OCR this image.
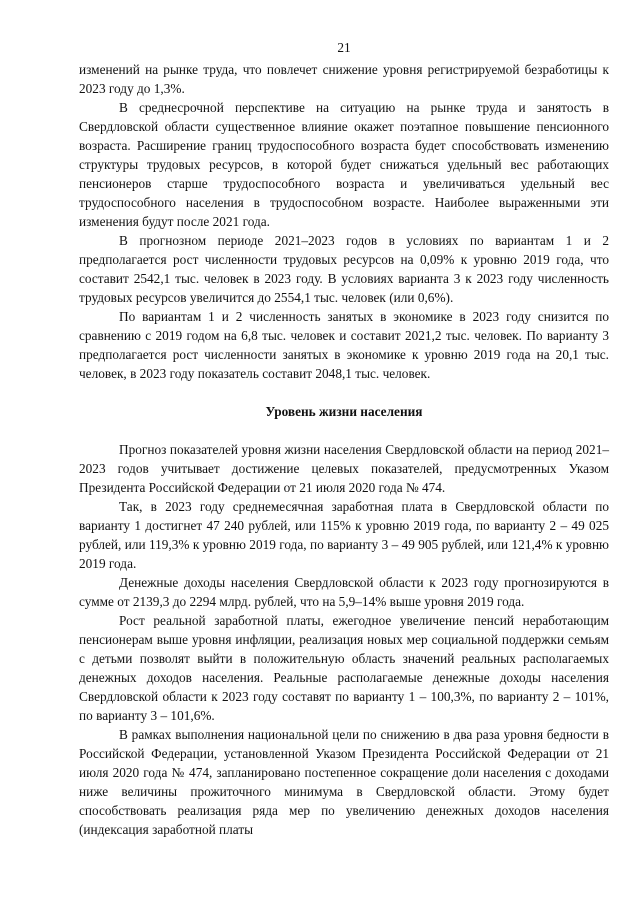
21

изменений на рынке труда, что повлечет снижение уровня регистрируемой безработицы к 2023 году до 1,3%.

В среднесрочной перспективе на ситуацию на рынке труда и занятость в Свердловской области существенное влияние окажет поэтапное повышение пенсионного возраста. Расширение границ трудоспособного возраста будет способствовать изменению структуры трудовых ресурсов, в которой будет снижаться удельный вес работающих пенсионеров старше трудоспособного возраста и увеличиваться удельный вес трудоспособного населения в трудоспособном возрасте. Наиболее выраженными эти изменения будут после 2021 года.

В прогнозном периоде 2021–2023 годов в условиях по вариантам 1 и 2 предполагается рост численности трудовых ресурсов на 0,09% к уровню 2019 года, что составит 2542,1 тыс. человек в 2023 году. В условиях варианта 3 к 2023 году численность трудовых ресурсов увеличится до 2554,1 тыс. человек (или 0,6%).

По вариантам 1 и 2 численность занятых в экономике в 2023 году снизится по сравнению с 2019 годом на 6,8 тыс. человек и составит 2021,2 тыс. человек. По варианту 3 предполагается рост численности занятых в экономике к уровню 2019 года на 20,1 тыс. человек, в 2023 году показатель составит 2048,1 тыс. человек.

Уровень жизни населения

Прогноз показателей уровня жизни населения Свердловской области на период 2021–2023 годов учитывает достижение целевых показателей, предусмотренных Указом Президента Российской Федерации от 21 июля 2020 года № 474.

Так, в 2023 году среднемесячная заработная плата в Свердловской области по варианту 1 достигнет 47 240 рублей, или 115% к уровню 2019 года, по варианту 2 – 49 025 рублей, или 119,3% к уровню 2019 года, по варианту 3 – 49 905 рублей, или 121,4% к уровню 2019 года.

Денежные доходы населения Свердловской области к 2023 году прогнозируются в сумме от 2139,3 до 2294 млрд. рублей, что на 5,9–14% выше уровня 2019 года.

Рост реальной заработной платы, ежегодное увеличение пенсий неработающим пенсионерам выше уровня инфляции, реализация новых мер социальной поддержки семьям с детьми позволят выйти в положительную область значений реальных располагаемых денежных доходов населения. Реальные располагаемые денежные доходы населения Свердловской области к 2023 году составят по варианту 1 – 100,3%, по варианту 2 – 101%, по варианту 3 – 101,6%.

В рамках выполнения национальной цели по снижению в два раза уровня бедности в Российской Федерации, установленной Указом Президента Российской Федерации от 21 июля 2020 года № 474, запланировано постепенное сокращение доли населения с доходами ниже величины прожиточного минимума в Свердловской области. Этому будет способствовать реализация ряда мер по увеличению денежных доходов населения (индексация заработной платы
